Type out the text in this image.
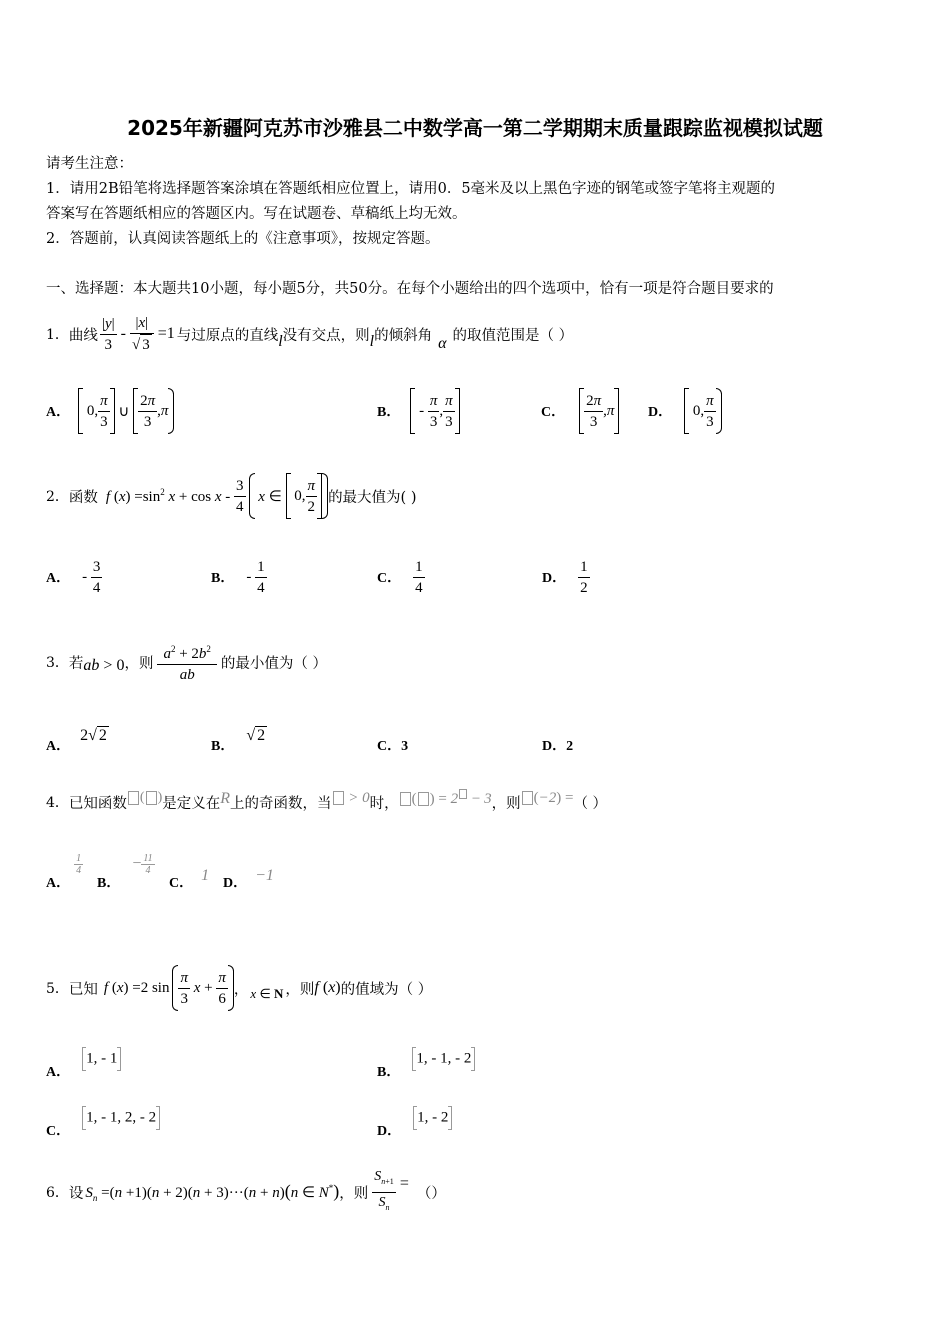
2025年新疆阿克苏市沙雅县二中数学高一第二学期期末质量跟踪监视模拟试题
请考生注意：
1．请用2B铅笔将选择题答案涂填在答题纸相应位置上，请用0．5毫米及以上黑色字迹的钢笔或签字笔将主观题的
答案写在答题纸相应的答题区内。写在试题卷、草稿纸上均无效。
2．答题前，认真阅读答题纸上的《注意事项》，按规定答题。
一、选择题：本大题共10小题，每小题5分，共50分。在每个小题给出的四个选项中，恰有一项是符合题目要求的
1． 曲线 $\frac{|y|}{3} - \frac{|x|}{√ 3} =1$ 与过原点的直线 l 没有交点，则 l 的倾斜角 α 的取值范围是（ ）
A． 0, $\frac{\pi}{3}$ ∪ $\frac{2\pi}{3} ,\pi$	B． - $\frac{\pi}{3}$ , $\frac{\pi}{3}$	C． $\frac{2\pi}{3} ,\pi$ D． 0, $\frac{\pi}{3}$
2． 函数 f $(x) =\sin^2$ $x + \cos x - \frac{3}{4}$ x ∈ 0, $\frac{\pi}{2}$ 的最大值为( )
A． - $\frac{3}{4}$	B． - $\frac{1}{4}$	C． $\frac{1}{4}$	D． $\frac{1}{2}$
3． 若 ab > 0 ，则 $\frac{a^2 + 2b^2}{ab}$ 的最小值为（ ）
A．
2√ 2
B．
√ 2
C．3	D．2
4． 已知函数 ( ) 是定义在 R 上的奇函数，当 > 0 时， ( ) = 2 − 3 ，则 (−2) = （ ）
A．
$\frac{1}{4}$
B．
− $\frac{11}{4}$
C． 1 D． −1
5． 已知 f (x) =2 $\sin \frac{\pi}{3}$ $x + \frac{\pi}{6}$ ， x ∈ N ，则 f (x) 的值域为（ ）
A．
1, - 1
B．
1, - 1, - 2
C．
1, - 1, 2, - 2
D．
1, - 2
6． 设 $S_n =(n +1)(n + 2)(n + 3)\cdot\cdot\cdot(n + n)(n$ ∈ N*) ，则 $\frac{S_{n+1}}{S_n}$ =
（）
